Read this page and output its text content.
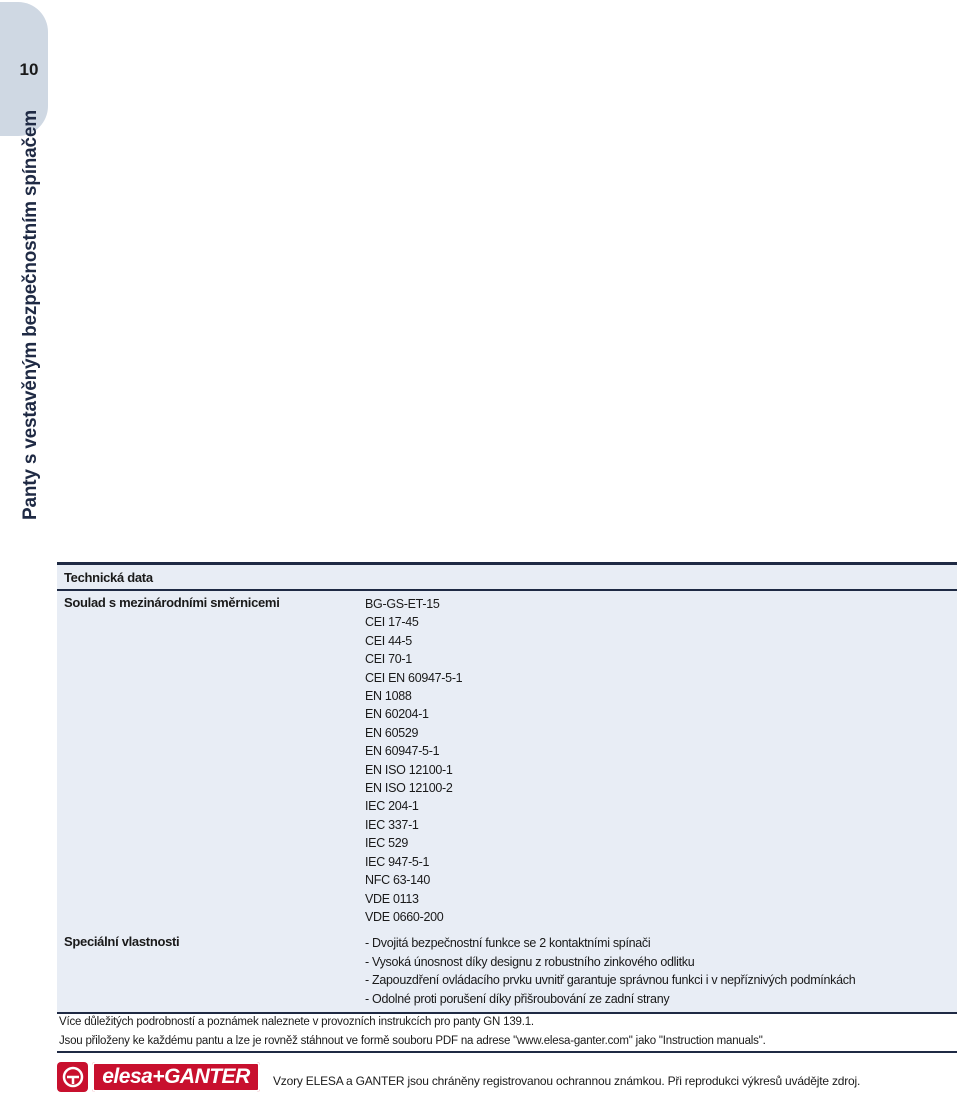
10
Panty s vestavěným bezpečnostním spínačem
Technická data
Soulad s mezinárodními směrnicemi	BG-GS-ET-15
CEI 17-45
CEI 44-5
CEI 70-1
CEI EN 60947-5-1
EN 1088
EN 60204-1
EN 60529
EN 60947-5-1
EN ISO 12100-1
EN ISO 12100-2
IEC 204-1
IEC 337-1
IEC 529
IEC 947-5-1
NFC 63-140
VDE 0113
VDE 0660-200
Speciální vlastnosti	- Dvojitá bezpečnostní funkce se 2 kontaktními spínači
- Vysoká únosnost díky designu z robustního zinkového odlitku
- Zapouzdření ovládacího prvku uvnitř garantuje správnou funkci i v nepříznivých podmínkách
- Odolné proti porušení díky přišroubování ze zadní strany
Více důležitých podrobností a poznámek naleznete v provozních instrukcích pro panty GN 139.1.
Jsou přiloženy ke každému pantu a lze je rovněž stáhnout ve formě souboru PDF na adrese "www.elesa-ganter.com" jako "Instruction manuals".
elesa+GANTER	Vzory ELESA a GANTER jsou chráněny registrovanou ochrannou známkou. Při reprodukci výkresů uvádějte zdroj.
